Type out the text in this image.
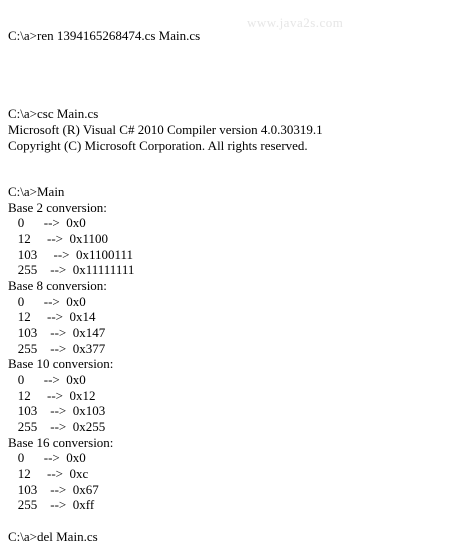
www.java2s.com
C:\a>ren 1394165268474.cs Main.cs
C:\a>csc Main.cs
Microsoft (R) Visual C# 2010 Compiler version 4.0.30319.1
Copyright (C) Microsoft Corporation. All rights reserved.
C:\a>Main
Base 2 conversion:
0      -->  0x0
12     -->  0x1100
103     -->  0x1100111
255    -->  0x11111111
Base 8 conversion:
0      -->  0x0
12     -->  0x14
103    -->  0x147
255    -->  0x377
Base 10 conversion:
0      -->  0x0
12     -->  0x12
103    -->  0x103
255    -->  0x255
Base 16 conversion:
0      -->  0x0
12     -->  0xc
103    -->  0x67
255    -->  0xff
C:\a>del Main.cs
